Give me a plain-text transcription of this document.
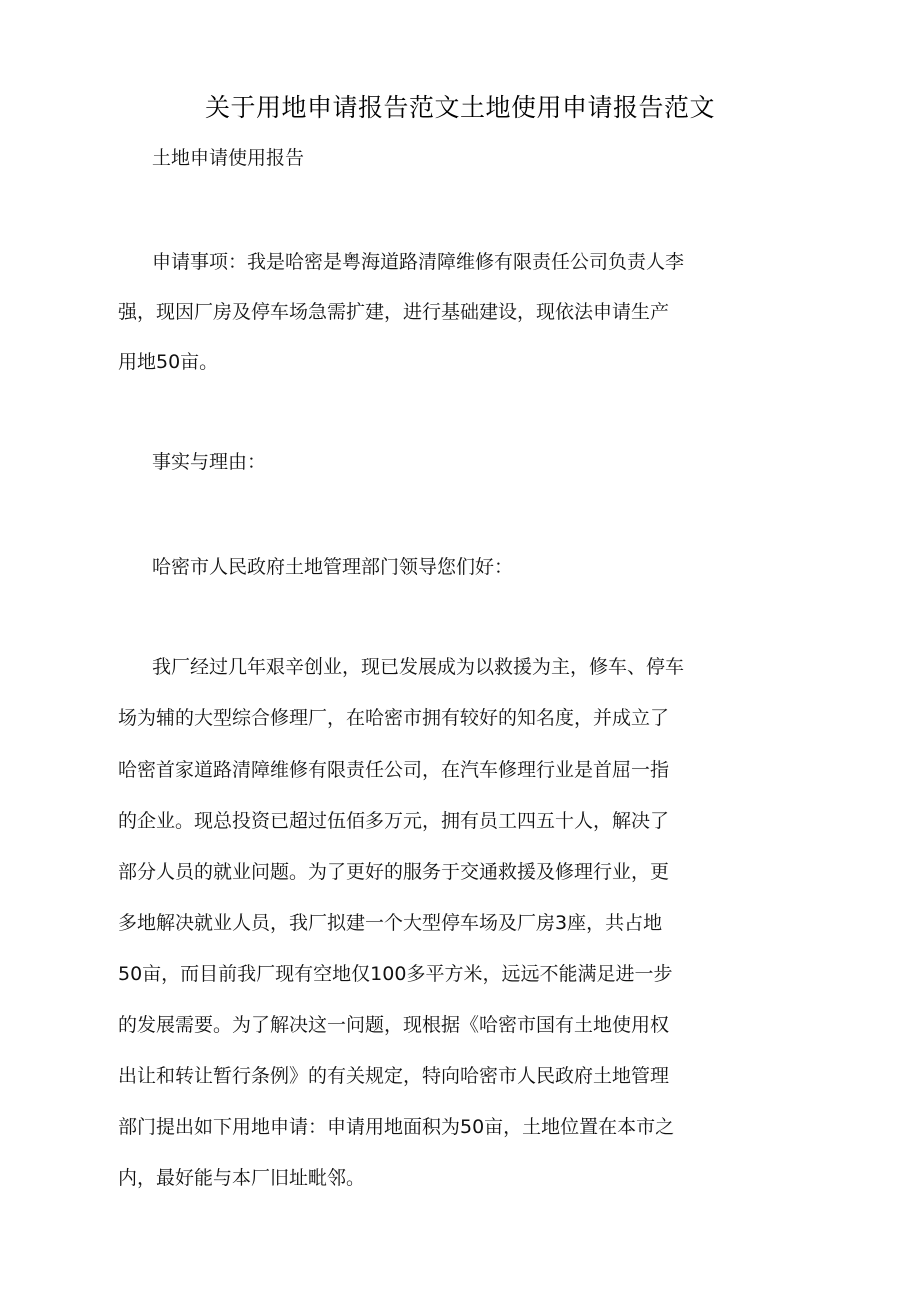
关于用地申请报告范文土地使用申请报告范文
土地申请使用报告
申请事项：我是哈密是粤海道路清障维修有限责任公司负责人李
强，现因厂房及停车场急需扩建，进行基础建设，现依法申请生产
用地50亩。
事实与理由：
哈密市人民政府土地管理部门领导您们好：
我厂经过几年艰辛创业，现已发展成为以救援为主，修车、停车
场为辅的大型综合修理厂，在哈密市拥有较好的知名度，并成立了
哈密首家道路清障维修有限责任公司，在汽车修理行业是首屈一指
的企业。现总投资已超过伍佰多万元，拥有员工四五十人，解决了
部分人员的就业问题。为了更好的服务于交通救援及修理行业，更
多地解决就业人员，我厂拟建一个大型停车场及厂房3座，共占地
50亩，而目前我厂现有空地仅100多平方米，远远不能满足进一步
的发展需要。为了解决这一问题，现根据《哈密市国有土地使用权
出让和转让暂行条例》的有关规定，特向哈密市人民政府土地管理
部门提出如下用地申请：申请用地面积为50亩，土地位置在本市之
内，最好能与本厂旧址毗邻。
